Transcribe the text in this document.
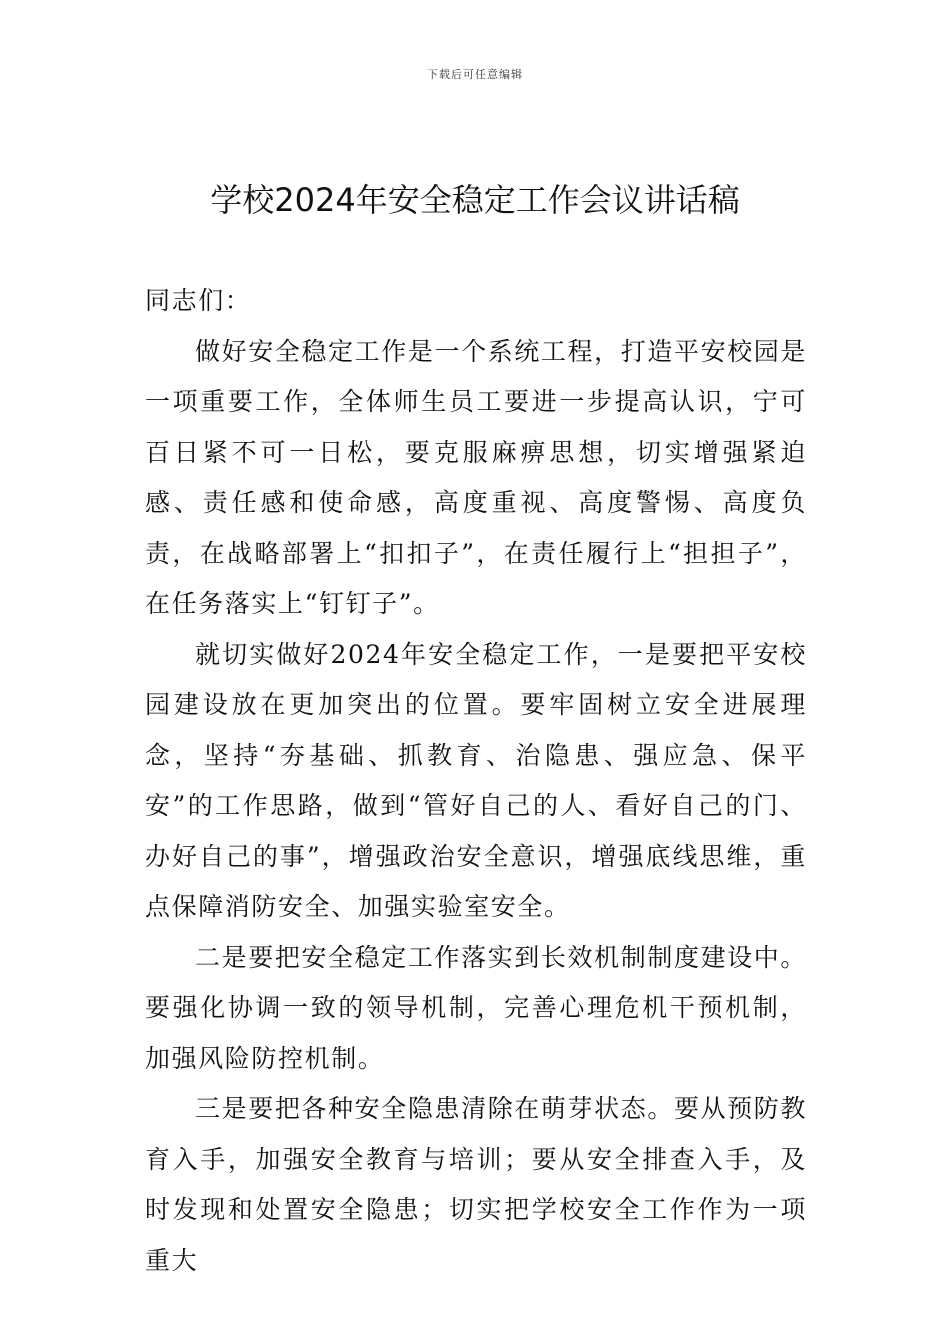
下载后可任意编辑
学校2024年安全稳定工作会议讲话稿

同志们：

做好安全稳定工作是一个系统工程，打造平安校园是一项重要工作，全体师生员工要进一步提高认识，宁可百日紧不可一日松，要克服麻痹思想，切实增强紧迫感、责任感和使命感，高度重视、高度警惕、高度负责，在战略部署上“扣扣子”，在责任履行上“担担子”，在任务落实上“钉钉子”。

就切实做好2024年安全稳定工作，一是要把平安校园建设放在更加突出的位置。要牢固树立安全进展理念，坚持“夯基础、抓教育、治隐患、强应急、保平安”的工作思路，做到“管好自己的人、看好自己的门、办好自己的事”，增强政治安全意识，增强底线思维，重点保障消防安全、加强实验室安全。

二是要把安全稳定工作落实到长效机制制度建设中。要强化协调一致的领导机制，完善心理危机干预机制，加强风险防控机制。

三是要把各种安全隐患清除在萌芽状态。要从预防教育入手，加强安全教育与培训；要从安全排查入手，及时发现和处置安全隐患；切实把学校安全工作作为一项重大
